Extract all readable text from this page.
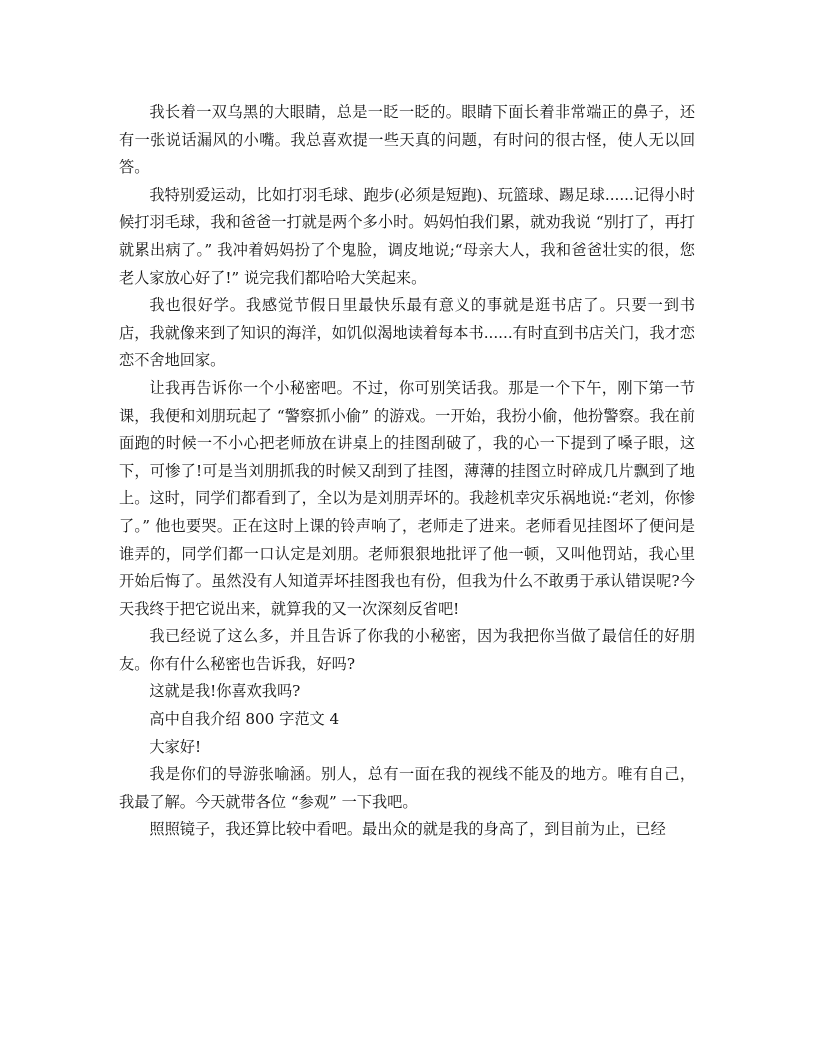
我长着一双乌黑的大眼睛，总是一眨一眨的。眼睛下面长着非常端正的鼻子，还有一张说话漏风的小嘴。我总喜欢提一些天真的问题，有时问的很古怪，使人无以回答。

我特别爱运动，比如打羽毛球、跑步(必须是短跑)、玩篮球、踢足球......记得小时候打羽毛球，我和爸爸一打就是两个多小时。妈妈怕我们累，就劝我说 “别打了，再打就累出病了。” 我冲着妈妈扮了个鬼脸，调皮地说;“母亲大人，我和爸爸壮实的很，您老人家放心好了!” 说完我们都哈哈大笑起来。

我也很好学。我感觉节假日里最快乐最有意义的事就是逛书店了。只要一到书店，我就像来到了知识的海洋，如饥似渴地读着每本书......有时直到书店关门，我才恋恋不舍地回家。

让我再告诉你一个小秘密吧。不过，你可别笑话我。那是一个下午，刚下第一节课，我便和刘朋玩起了 “警察抓小偷” 的游戏。一开始，我扮小偷，他扮警察。我在前面跑的时候一不小心把老师放在讲桌上的挂图刮破了，我的心一下提到了嗓子眼，这下，可惨了!可是当刘朋抓我的时候又刮到了挂图，薄薄的挂图立时碎成几片飘到了地上。这时，同学们都看到了，全以为是刘朋弄坏的。我趁机幸灾乐祸地说:“老刘，你惨了。” 他也要哭。正在这时上课的铃声响了，老师走了进来。老师看见挂图坏了便问是谁弄的，同学们都一口认定是刘朋。老师狠狠地批评了他一顿，又叫他罚站，我心里开始后悔了。虽然没有人知道弄坏挂图我也有份，但我为什么不敢勇于承认错误呢?今天我终于把它说出来，就算我的又一次深刻反省吧!

我已经说了这么多，并且告诉了你我的小秘密，因为我把你当做了最信任的好朋友。你有什么秘密也告诉我，好吗?

这就是我!你喜欢我吗?

高中自我介绍 800 字范文 4

大家好!

我是你们的导游张喻涵。别人，总有一面在我的视线不能及的地方。唯有自己，我最了解。今天就带各位 “参观” 一下我吧。

照照镜子，我还算比较中看吧。最出众的就是我的身高了，到目前为止，已经
